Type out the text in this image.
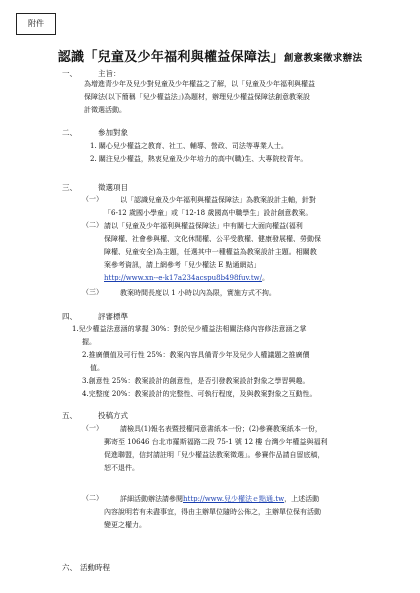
附件
認識「兒童及少年福利與權益保障法」創意教案徵求辦法
一、	主旨：
為增進青少年及兒少對兒童及少年權益之了解，以「兒童及少年福利與權益
保障法(以下簡稱「兒少權益法」)為題材，辦理兒少權益保障法創意教案設
計徵選活動。
二、	參加對象
1. 關心兒少權益之教育、社工、輔導、營政、司法等專業人士。
2. 關注兒少權益，熱衷兒童及少年培力的高中(職)生、大專院校青年。
三、	徵選項目
（一） 以「認識兒童及少年福利與權益保障法」為教案設計主軸，針對
「6-12 歲國小學童」或「12-18 歲國高中職學生」設計創意教案。
（二） 請以「兒童及少年福利與權益保障法」中有關七大面向權益(福利
保障權、社會參與權、文化休閒權、公平受教權、健康發展權、勞動保
障權、兒童安全)為主題，任選其中一種權益為教案設計主題。相關教
案參考資訊，請上網參考「兒少權法 E 點通網站」
http://www.xn--e-k17a234acspu8b498fuv.tw/。
（三） 教案時間長度以 1 小時以內為限，實施方式不拘。
四、	評審標準
1.兒少權益法意涵的掌握 30%：對於兒少權益法相關法條內容修法意涵之掌
握。
2.推廣價值及可行性 25%：教案內容具備青少年及兒少人權議題之推廣價
值。
3.創意性 25%：教案設計的創意性，是否引發教案設計對象之學習興趣。
4.完整度 20%：教案設計的完整性、可執行程度，及與教案對象之互動性。
五、	投稿方式
（一） 請檢具(1)報名表暨授權同意書紙本一份；(2)參賽教案紙本一份，
郵寄至 10646 台北市羅斯福路二段 75-1 號 12 樓 台灣少年權益與福利
促進聯盟，信封請註明「兒少權益法教案徵選」。參賽作品請自留底稿，
恕不退件。
（二） 詳細活動辦法請參閱http://www.兒少權法ｅ點通.tw，上述活動
內容說明若有未盡事宜，得由主辦單位隨時公佈之，主辦單位保有活動
變更之權力。
六、 活動時程
